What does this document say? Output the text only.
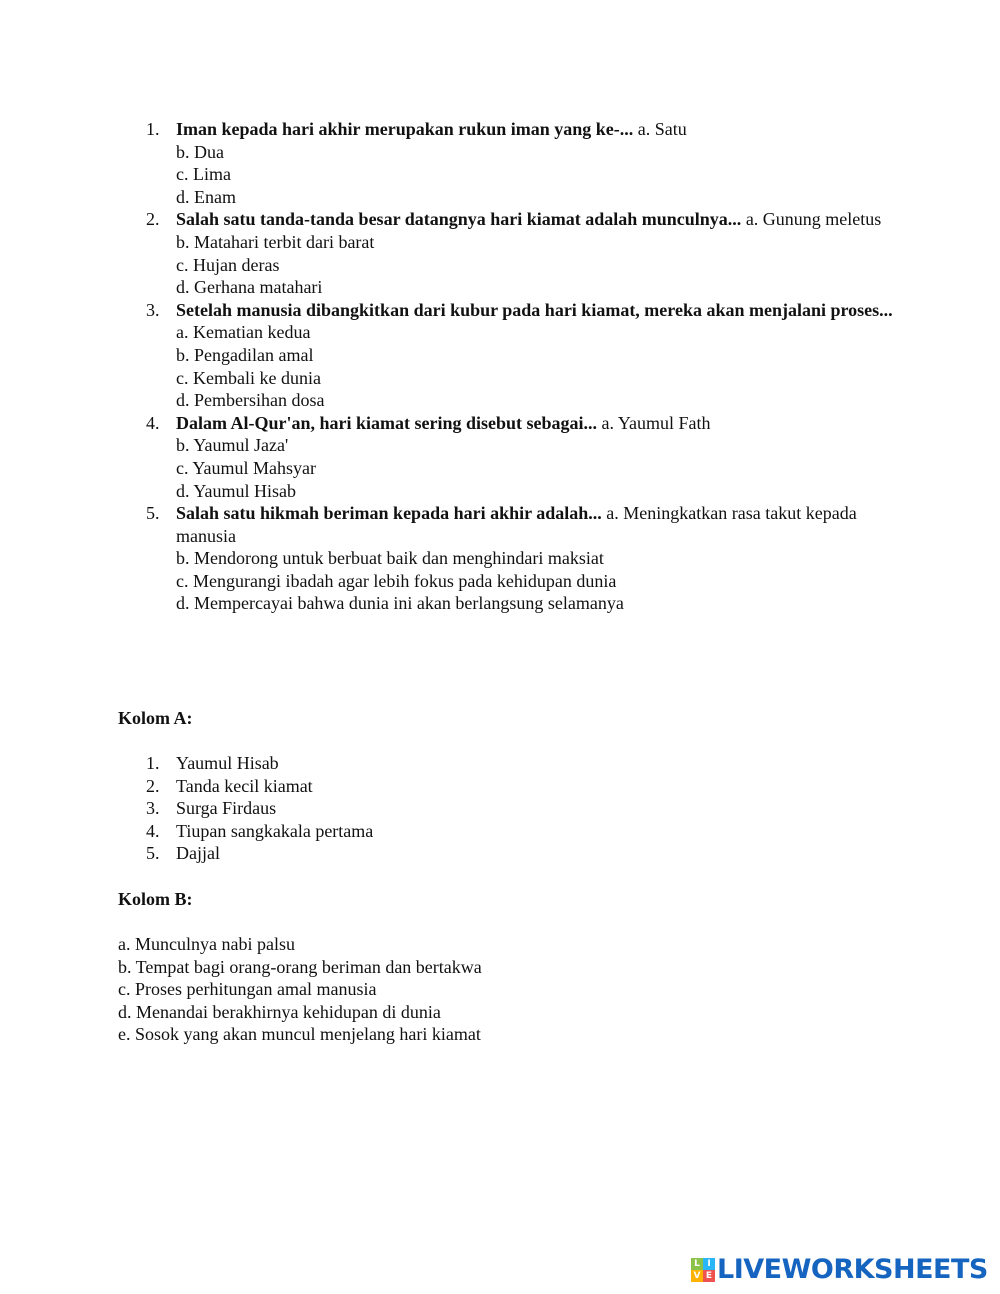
1. Iman kepada hari akhir merupakan rukun iman yang ke-... a. Satu
b. Dua
c. Lima
d. Enam
2. Salah satu tanda-tanda besar datangnya hari kiamat adalah munculnya... a. Gunung meletus
b. Matahari terbit dari barat
c. Hujan deras
d. Gerhana matahari
3. Setelah manusia dibangkitkan dari kubur pada hari kiamat, mereka akan menjalani proses... a. Kematian kedua
b. Pengadilan amal
c. Kembali ke dunia
d. Pembersihan dosa
4. Dalam Al-Qur'an, hari kiamat sering disebut sebagai... a. Yaumul Fath
b. Yaumul Jaza'
c. Yaumul Mahsyar
d. Yaumul Hisab
5. Salah satu hikmah beriman kepada hari akhir adalah... a. Meningkatkan rasa takut kepada manusia
b. Mendorong untuk berbuat baik dan menghindari maksiat
c. Mengurangi ibadah agar lebih fokus pada kehidupan dunia
d. Mempercayai bahwa dunia ini akan berlangsung selamanya
Kolom A:
1. Yaumul Hisab
2. Tanda kecil kiamat
3. Surga Firdaus
4. Tiupan sangkakala pertama
5. Dajjal
Kolom B:
a. Munculnya nabi palsu
b. Tempat bagi orang-orang beriman dan bertakwa
c. Proses perhitungan amal manusia
d. Menandai berakhirnya kehidupan di dunia
e. Sosok yang akan muncul menjelang hari kiamat
L I
V E LIVEWORKSHEETS
